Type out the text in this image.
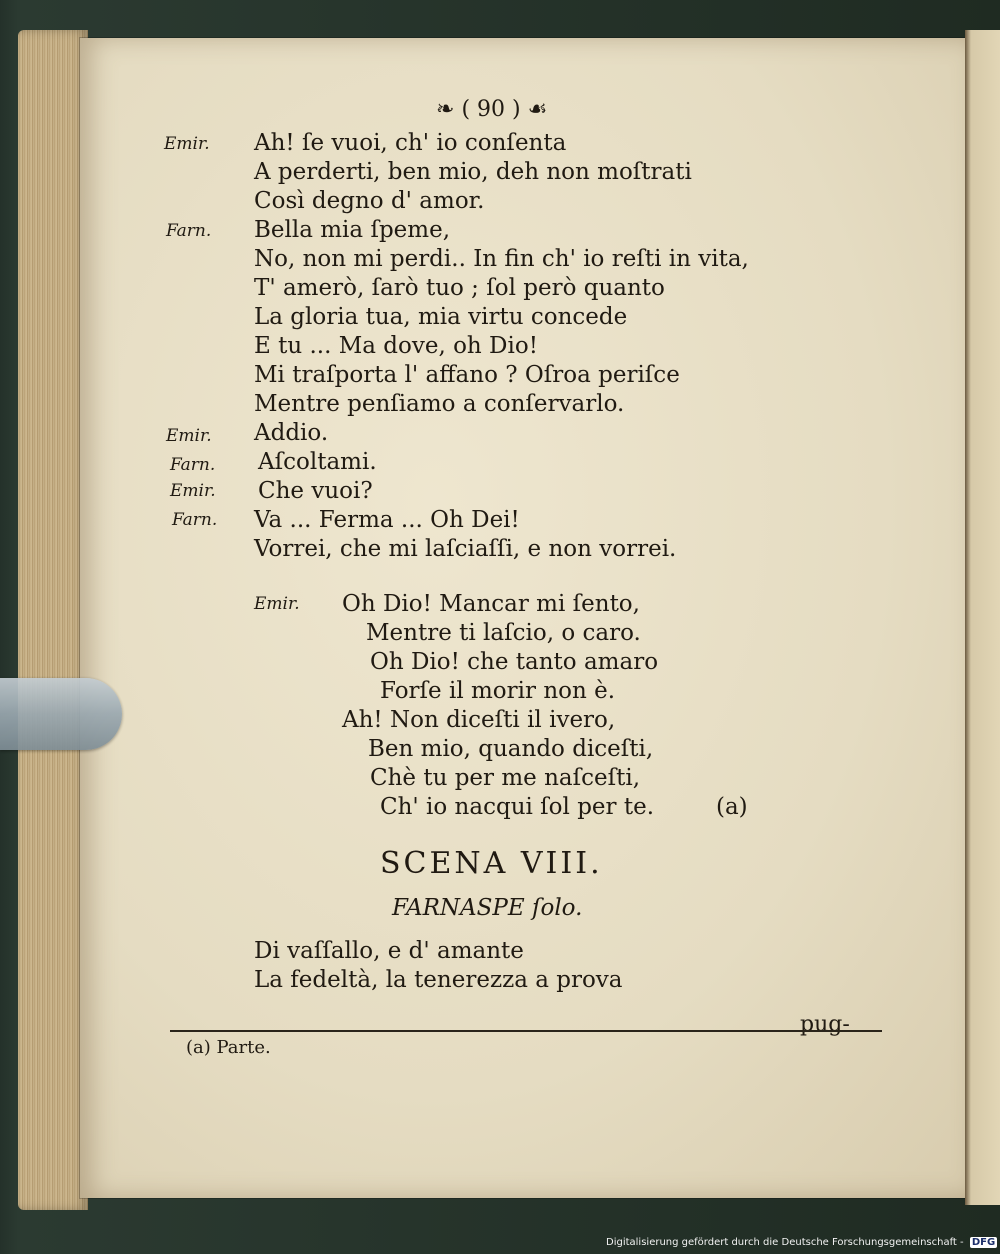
❧ ( 90 ) ☙
Emir.
Farn.
Emir.
Farn.
Emir.
Farn.
Ah! ſe vuoi, ch' io conſenta
A perderti, ben mio, deh non moſtrati
Così degno d' amor.
Bella mia ſpeme,
No, non mi perdi.. In fin ch' io reſti in vita,
T' amerò, ſarò tuo ; ſol però quanto
La gloria tua, mia virtu concede
E tu ... Ma dove, oh Dio!
Mi traſporta l' affano ? Oſroa periſce
Mentre penſiamo a conſervarlo.
Addio.
Aſcoltami.
Che vuoi?
Va ... Ferma ... Oh Dei!
Vorrei, che mi laſciaſſi, e non vorrei.
Emir. Oh Dio! Mancar mi ſento,
Mentre ti laſcio, o caro.
Oh Dio! che tanto amaro
Forſe il morir non è.
Ah! Non diceſti il ivero,
Ben mio, quando diceſti,
Chè tu per me naſceſti,
Ch' io nacqui ſol per te.	(a)
SCENA VIII.
FARNASPE ſolo.
Di vaſſallo, e d' amante
La fedeltà, la tenerezza a prova
pug-
(a) Parte.
Digitalisierung gefördert durch die Deutsche Forschungsgemeinschaft - DFG
